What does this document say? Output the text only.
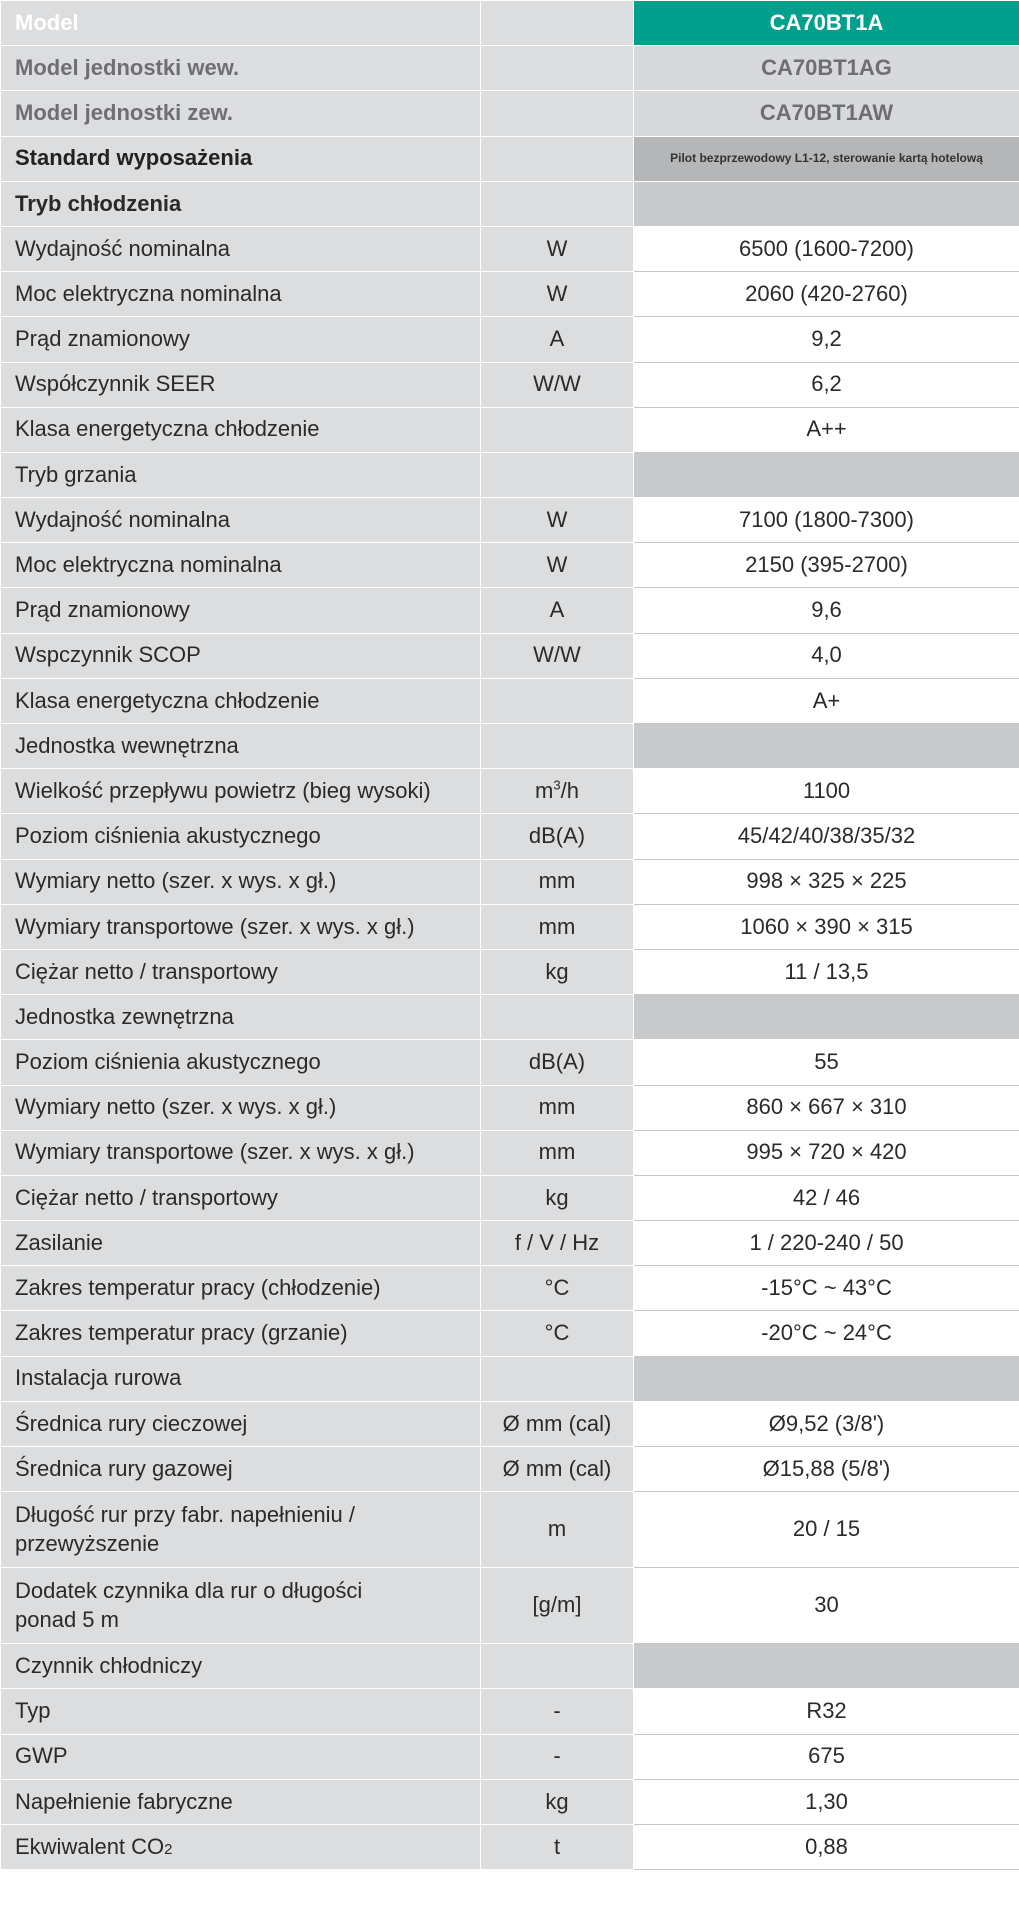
Model		CA70BT1A
Model jednostki wew.		CA70BT1AG
Model jednostki zew.		CA70BT1AW
Standard wyposażenia		Pilot bezprzewodowy L1-12, sterowanie kartą hotelową
Tryb chłodzenia		
Wydajność nominalna	W	6500 (1600-7200)
Moc elektryczna nominalna	W	2060 (420-2760)
Prąd znamionowy	A	9,2
Współczynnik SEER	W/W	6,2
Klasa energetyczna chłodzenie		A++
Tryb grzania		
Wydajność nominalna	W	7100 (1800-7300)
Moc elektryczna nominalna	W	2150 (395-2700)
Prąd znamionowy	A	9,6
Wspczynnik SCOP	W/W	4,0
Klasa energetyczna chłodzenie		A+
Jednostka wewnętrzna		
Wielkość przepływu powietrz (bieg wysoki)	$m^3/h$	1100
Poziom ciśnienia akustycznego	dB(A)	45/42/40/38/35/32
Wymiary netto (szer. x wys. x gł.)	mm	998 × 325 × 225
Wymiary transportowe (szer. x wys. x gł.)	mm	1060 × 390 × 315
Ciężar netto / transportowy	kg	11 / 13,5
Jednostka zewnętrzna		
Poziom ciśnienia akustycznego	dB(A)	55
Wymiary netto (szer. x wys. x gł.)	mm	860 × 667 × 310
Wymiary transportowe (szer. x wys. x gł.)	mm	995 × 720 × 420
Ciężar netto / transportowy	kg	42 / 46
Zasilanie	f / V / Hz	1 / 220-240 / 50
Zakres temperatur pracy (chłodzenie)	°C	-15°C ~ 43°C
Zakres temperatur pracy (grzanie)	°C	-20°C ~ 24°C
Instalacja rurowa		
Średnica rury cieczowej	Ø mm (cal)	Ø9,52 (3/8')
Średnica rury gazowej	Ø mm (cal)	Ø15,88 (5/8')
Długość rur przy fabr. napełnieniu /
przewyższenie	m	20 / 15
Dodatek czynnika dla rur o długości
ponad 5 m	[g/m]	30
Czynnik chłodniczy		
Typ	-	R32
GWP	-	675
Napełnienie fabryczne	kg	1,30
Ekwiwalent CO2	t	0,88
